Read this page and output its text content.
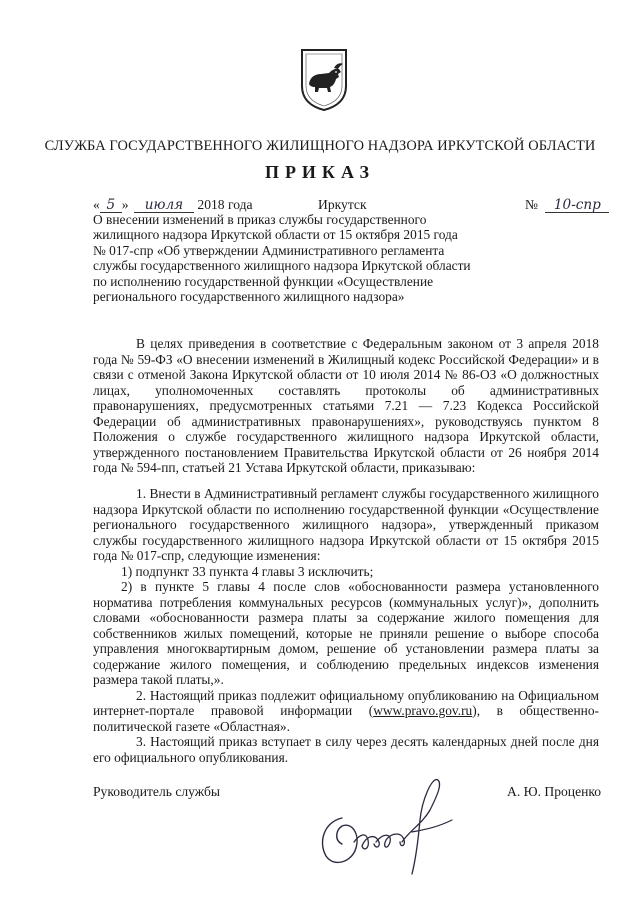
СЛУЖБА ГОСУДАРСТВЕННОГО ЖИЛИЩНОГО НАДЗОРА ИРКУТСКОЙ ОБЛАСТИ
ПРИКАЗ
« 5 » июля 2018 года	Иркутск	№ 10-спр
О внесении изменений в приказ службы государственного
жилищного надзора Иркутской области от 15 октября 2015 года
№ 017-спр «Об утверждении Административного регламента
службы государственного жилищного надзора Иркутской области
по исполнению государственной функции «Осуществление
регионального государственного жилищного надзора»

В целях приведения в соответствие с Федеральным законом от 3 апреля 2018 года № 59-ФЗ «О внесении изменений в Жилищный кодекс Российской Федерации» и в связи с отменой Закона Иркутской области от 10 июля 2014 № 86-ОЗ «О должностных лицах, уполномоченных составлять протоколы об административных правонарушениях, предусмотренных статьями 7.21 — 7.23 Кодекса Российской Федерации об административных правонарушениях», руководствуясь пунктом 8 Положения о службе государственного жилищного надзора Иркутской области, утвержденного постановлением Правительства Иркутской области от 26 ноября 2014 года № 594-пп, статьей 21 Устава Иркутской области, приказываю:

1. Внести в Административный регламент службы государственного жилищного надзора Иркутской области по исполнению государственной функции «Осуществление регионального государственного жилищного надзора», утвержденный приказом службы государственного жилищного надзора Иркутской области от 15 октября 2015 года № 017-спр, следующие изменения:

1) подпункт 33 пункта 4 главы 3 исключить;

2) в пункте 5 главы 4 после слов «обоснованности размера установленного норматива потребления коммунальных ресурсов (коммунальных услуг)», дополнить словами «обоснованности размера платы за содержание жилого помещения для собственников жилых помещений, которые не приняли решение о выборе способа управления многоквартирным домом, решение об установлении размера платы за содержание жилого помещения, и соблюдению предельных индексов изменения размера такой платы,».

2. Настоящий приказ подлежит официальному опубликованию на Официальном интернет-портале правовой информации (www.pravo.gov.ru), в общественно-политической газете «Областная».

3. Настоящий приказ вступает в силу через десять календарных дней после дня его официального опубликования.

Руководитель службы	А. Ю. Проценко
